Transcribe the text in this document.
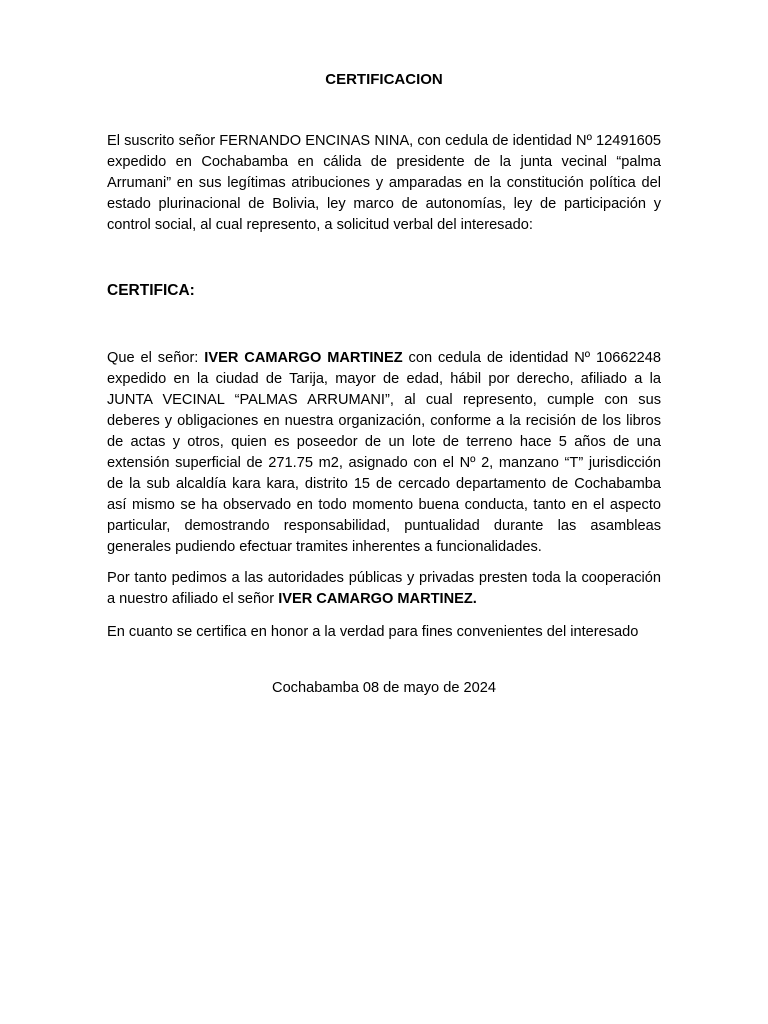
CERTIFICACION

El suscrito señor FERNANDO ENCINAS NINA, con cedula de identidad Nº 12491605 expedido en Cochabamba en cálida de presidente de la junta vecinal “palma Arrumani” en sus legítimas atribuciones y amparadas en la constitución política del estado plurinacional de Bolivia, ley marco de autonomías, ley de participación y control social, al cual represento, a solicitud verbal del interesado:

CERTIFICA:

Que el señor: IVER CAMARGO MARTINEZ con cedula de identidad Nº 10662248 expedido en la ciudad de Tarija, mayor de edad, hábil por derecho, afiliado a la JUNTA VECINAL “PALMAS ARRUMANI”, al cual represento, cumple con sus deberes y obligaciones en nuestra organización, conforme a la recisión de los libros de actas y otros, quien es poseedor de un lote de terreno hace 5 años de una extensión superficial de 271.75 m2, asignado con el Nº 2, manzano “T” jurisdicción de la sub alcaldía kara kara, distrito 15 de cercado departamento de Cochabamba así mismo se ha observado en todo momento buena conducta, tanto en el aspecto particular, demostrando responsabilidad, puntualidad durante las asambleas generales pudiendo efectuar tramites inherentes a funcionalidades.

Por tanto pedimos a las autoridades públicas y privadas presten toda la cooperación a nuestro afiliado el señor IVER CAMARGO MARTINEZ.

En cuanto se certifica en honor a la verdad para fines convenientes del interesado

Cochabamba 08 de mayo de 2024
